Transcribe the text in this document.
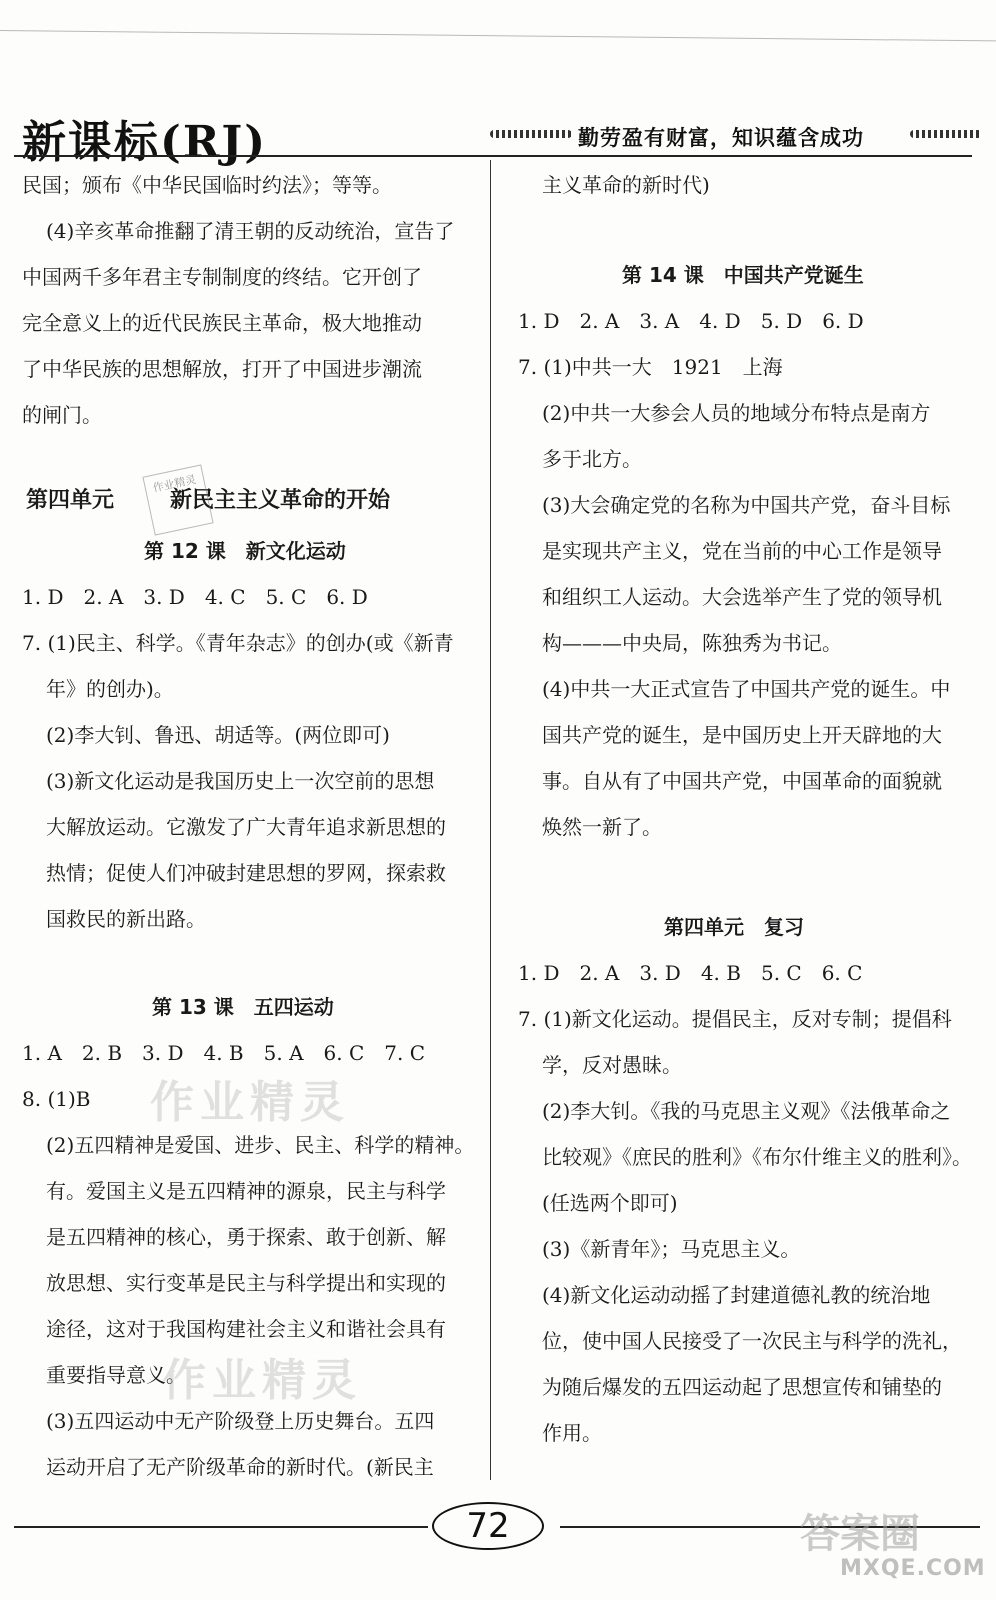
新课标(RJ)	勤劳盈有财富，知识蕴含成功
民国；颁布《中华民国临时约法》；等等。
(4)辛亥革命推翻了清王朝的反动统治，宣告了
中国两千多年君主专制制度的终结。它开创了
完全意义上的近代民族民主革命，极大地推动
了中华民族的思想解放，打开了中国进步潮流
的闸门。
第四单元	新民主主义革命的开始
第 12 课　新文化运动
1. D　2. A　3. D　4. C　5. C　6. D
7. (1)民主、科学。《青年杂志》的创办(或《新青
年》的创办)。
(2)李大钊、鲁迅、胡适等。(两位即可)
(3)新文化运动是我国历史上一次空前的思想
大解放运动。它激发了广大青年追求新思想的
热情；促使人们冲破封建思想的罗网，探索救
国救民的新出路。
第 13 课　五四运动
1. A　2. B　3. D　4. B　5. A　6. C　7. C
8. (1)B
(2)五四精神是爱国、进步、民主、科学的精神。
有。爱国主义是五四精神的源泉，民主与科学
是五四精神的核心，勇于探索、敢于创新、解
放思想、实行变革是民主与科学提出和实现的
途径，这对于我国构建社会主义和谐社会具有
重要指导意义。
(3)五四运动中无产阶级登上历史舞台。五四
运动开启了无产阶级革命的新时代。(新民主
主义革命的新时代)
第 14 课　中国共产党诞生
1. D　2. A　3. A　4. D　5. D　6. D
7. (1)中共一大　1921　上海
(2)中共一大参会人员的地域分布特点是南方
多于北方。
(3)大会确定党的名称为中国共产党，奋斗目标
是实现共产主义，党在当前的中心工作是领导
和组织工人运动。大会选举产生了党的领导机
构———中央局，陈独秀为书记。
(4)中共一大正式宣告了中国共产党的诞生。中
国共产党的诞生，是中国历史上开天辟地的大
事。自从有了中国共产党，中国革命的面貌就
焕然一新了。
第四单元　复习
1. D　2. A　3. D　4. B　5. C　6. C
7. (1)新文化运动。提倡民主，反对专制；提倡科
学，反对愚昧。
(2)李大钊。《我的马克思主义观》《法俄革命之
比较观》《庶民的胜利》《布尔什维主义的胜利》。
(任选两个即可)
(3)《新青年》；马克思主义。
(4)新文化运动动摇了封建道德礼教的统治地
位，使中国人民接受了一次民主与科学的洗礼，
为随后爆发的五四运动起了思想宣传和铺垫的
作用。
作业精灵
作业精灵
作业精灵
72	答案圈
MXQE.COM
